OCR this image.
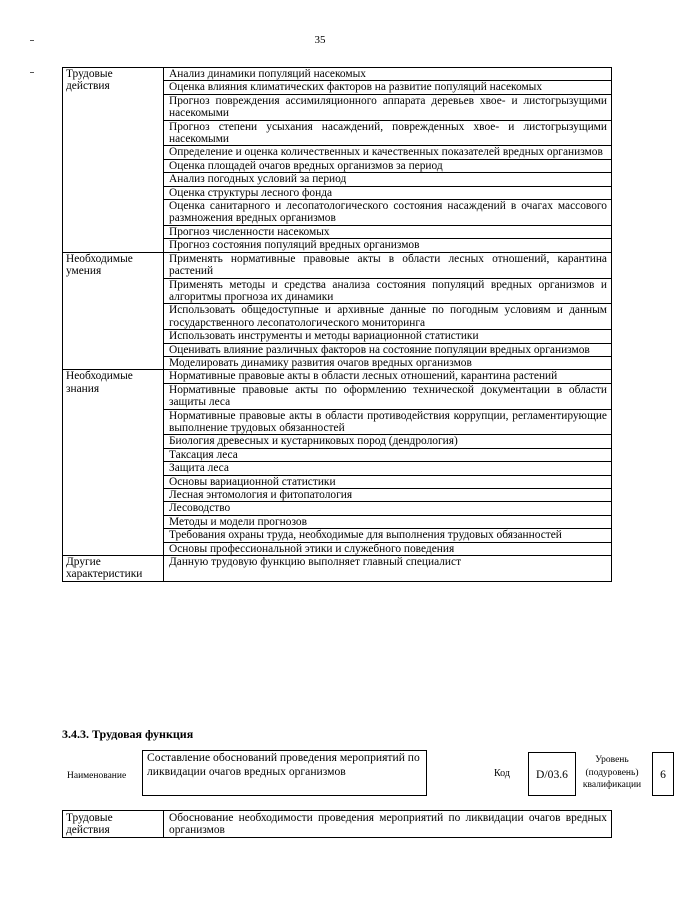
35
Трудовые действия	Анализ динамики популяций насекомых
	Оценка влияния климатических факторов на развитие популяций насекомых
	Прогноз повреждения ассимиляционного аппарата деревьев хвое- и листогрызущими насекомыми
	Прогноз степени усыхания насаждений, поврежденных хвое- и листогрызущими насекомыми
	Определение и оценка количественных и качественных показателей вредных организмов
	Оценка площадей очагов вредных организмов за период
	Анализ погодных условий за период
	Оценка структуры лесного фонда
	Оценка санитарного и лесопатологического состояния насаждений в очагах массового размножения вредных организмов
	Прогноз численности насекомых
	Прогноз состояния популяций вредных организмов
Необходимые умения	Применять нормативные правовые акты в области лесных отношений, карантина растений
	Применять методы и средства анализа состояния популяций вредных организмов и алгоритмы прогноза их динамики
	Использовать общедоступные и архивные данные по погодным условиям и данным государственного лесопатологического мониторинга
	Использовать инструменты и методы вариационной статистики
	Оценивать влияние различных факторов на состояние популяции вредных организмов
	Моделировать динамику развития очагов вредных организмов
Необходимые знания	Нормативные правовые акты в области лесных отношений, карантина растений
	Нормативные правовые акты по оформлению технической документации в области защиты леса
	Нормативные правовые акты в области противодействия коррупции, регламентирующие выполнение трудовых обязанностей
	Биология древесных и кустарниковых пород (дендрология)
	Таксация леса
	Защита леса
	Основы вариационной статистики
	Лесная энтомология и фитопатология
	Лесоводство
	Методы и модели прогнозов
	Требования охраны труда, необходимые для выполнения трудовых обязанностей
	Основы профессиональной этики и служебного поведения
Другие характеристики	Данную трудовую функцию выполняет главный специалист
3.4.3. Трудовая функция
Наименование
Составление обоснований проведения мероприятий по ликвидации очагов вредных организмов	Код	D/03.6
Уровень (подуровень) квалификации
6
Трудовые действия	Обоснование необходимости проведения мероприятий по ликвидации очагов вредных организмов
